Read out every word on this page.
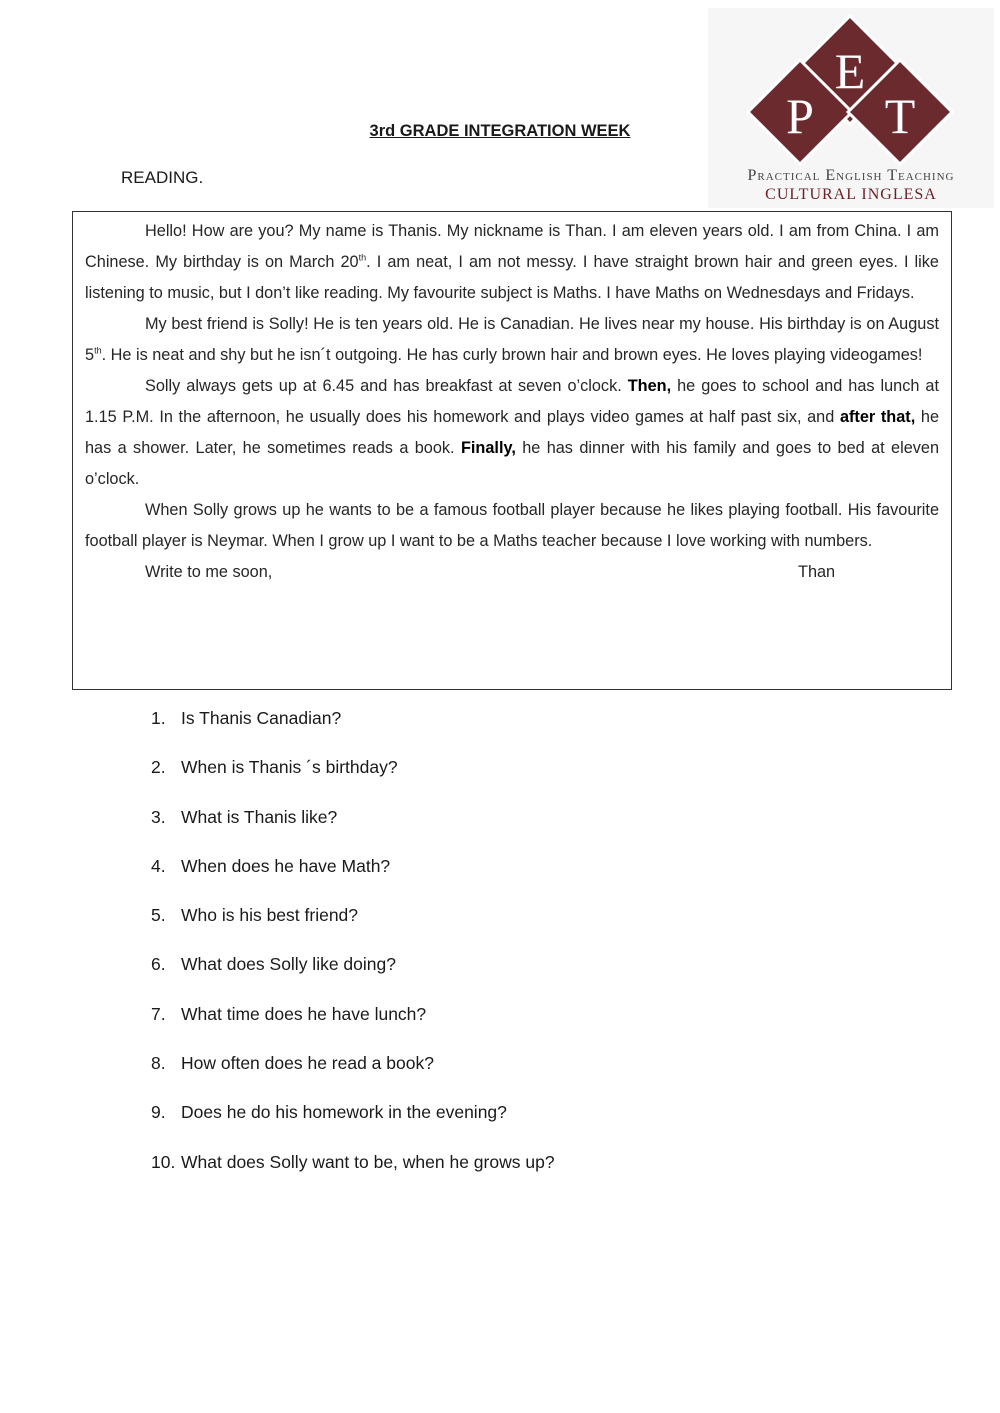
E
P T
Practical English Teaching
CULTURAL INGLESA
3rd GRADE INTEGRATION WEEK
READING.

Hello! How are you? My name is Thanis. My nickname is Than. I am eleven years old. I am from China. I am Chinese. My birthday is on March 20th. I am neat, I am not messy. I have straight brown hair and green eyes. I like listening to music, but I don’t like reading. My favourite subject is Maths. I have Maths on Wednesdays and Fridays.

My best friend is Solly! He is ten years old. He is Canadian. He lives near my house. His birthday is on August 5th. He is neat and shy but he isn´t outgoing. He has curly brown hair and brown eyes. He loves playing videogames!

Solly always gets up at 6.45 and has breakfast at seven o’clock. Then, he goes to school and has lunch at 1.15 P.M. In the afternoon, he usually does his homework and plays video games at half past six, and after that, he has a shower. Later, he sometimes reads a book. Finally, he has dinner with his family and goes to bed at eleven o’clock.

When Solly grows up he wants to be a famous football player because he likes playing football. His favourite football player is Neymar. When I grow up I want to be a Maths teacher because I love working with numbers.

Write to me soon,	Than
1. Is Thanis Canadian?
2. When is Thanis ´s birthday?
3. What is Thanis like?
4. When does he have Math?
5. Who is his best friend?
6. What does Solly like doing?
7. What time does he have lunch?
8. How often does he read a book?
9. Does he do his homework in the evening?
10. What does Solly want to be, when he grows up?
